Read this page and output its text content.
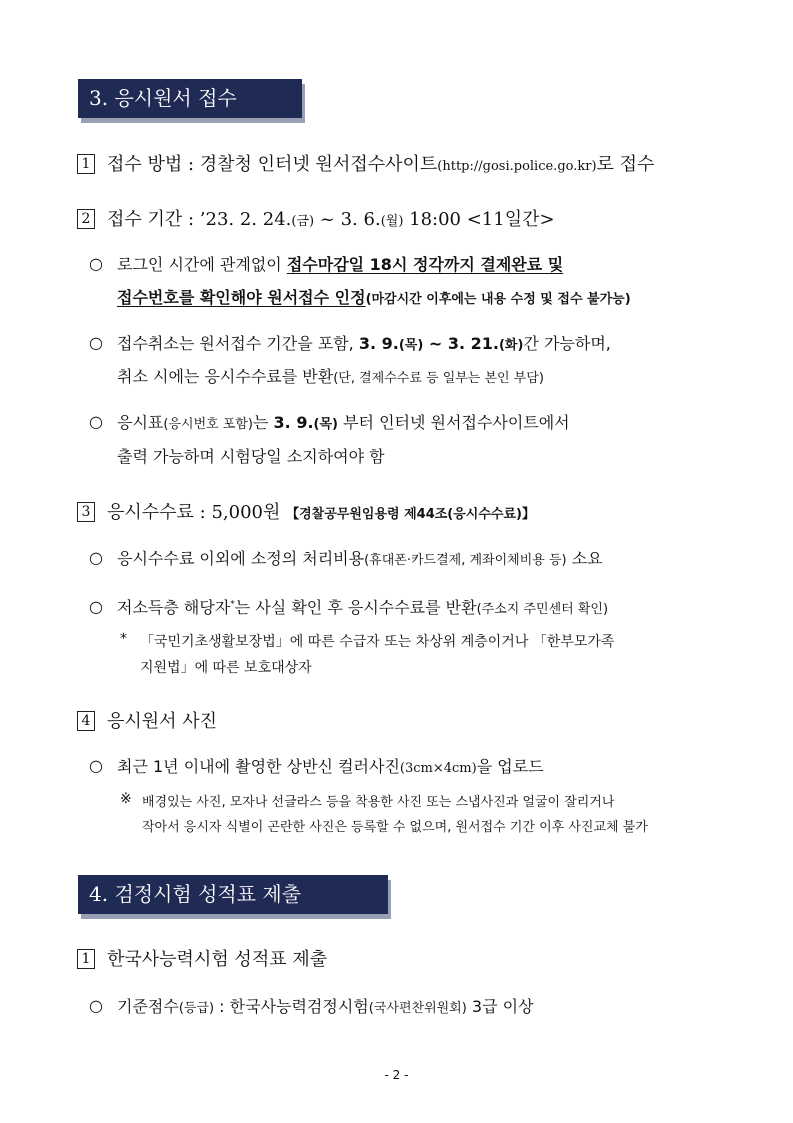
3. 응시원서 접수
1 접수 방법 : 경찰청 인터넷 원서접수사이트(http://gosi.police.go.kr)로 접수
2 접수 기간 : ’23. 2. 24.(금) ~ 3. 6.(월) 18:00 <11일간>
○ 로그인 시간에 관계없이 접수마감일 18시 정각까지 결제완료 및
접수번호를 확인해야 원서접수 인정(마감시간 이후에는 내용 수정 및 접수 불가능)
○ 접수취소는 원서접수 기간을 포함, 3. 9.(목) ~ 3. 21.(화)간 가능하며,
취소 시에는 응시수수료를 반환(단, 결제수수료 등 일부는 본인 부담)
○ 응시표(응시번호 포함)는 3. 9.(목) 부터 인터넷 원서접수사이트에서
출력 가능하며 시험당일 소지하여야 함
3 응시수수료 : 5,000원 【경찰공무원임용령 제44조(응시수수료)】
○ 응시수수료 이외에 소정의 처리비용(휴대폰·카드결제, 계좌이체비용 등) 소요
○ 저소득층 해당자*는 사실 확인 후 응시수수료를 반환(주소지 주민센터 확인)
* 「국민기초생활보장법」에 따른 수급자 또는 차상위 계층이거나 「한부모가족
지원법」에 따른 보호대상자
4 응시원서 사진
○ 최근 1년 이내에 촬영한 상반신 컬러사진(3cm×4cm)을 업로드
※ 배경있는 사진, 모자나 선글라스 등을 착용한 사진 또는 스냅사진과 얼굴이 잘리거나
작아서 응시자 식별이 곤란한 사진은 등록할 수 없으며, 원서접수 기간 이후 사진교체 불가
4. 검정시험 성적표 제출
1 한국사능력시험 성적표 제출
○ 기준점수(등급) : 한국사능력검정시험(국사편찬위원회) 3급 이상
- 2 -
